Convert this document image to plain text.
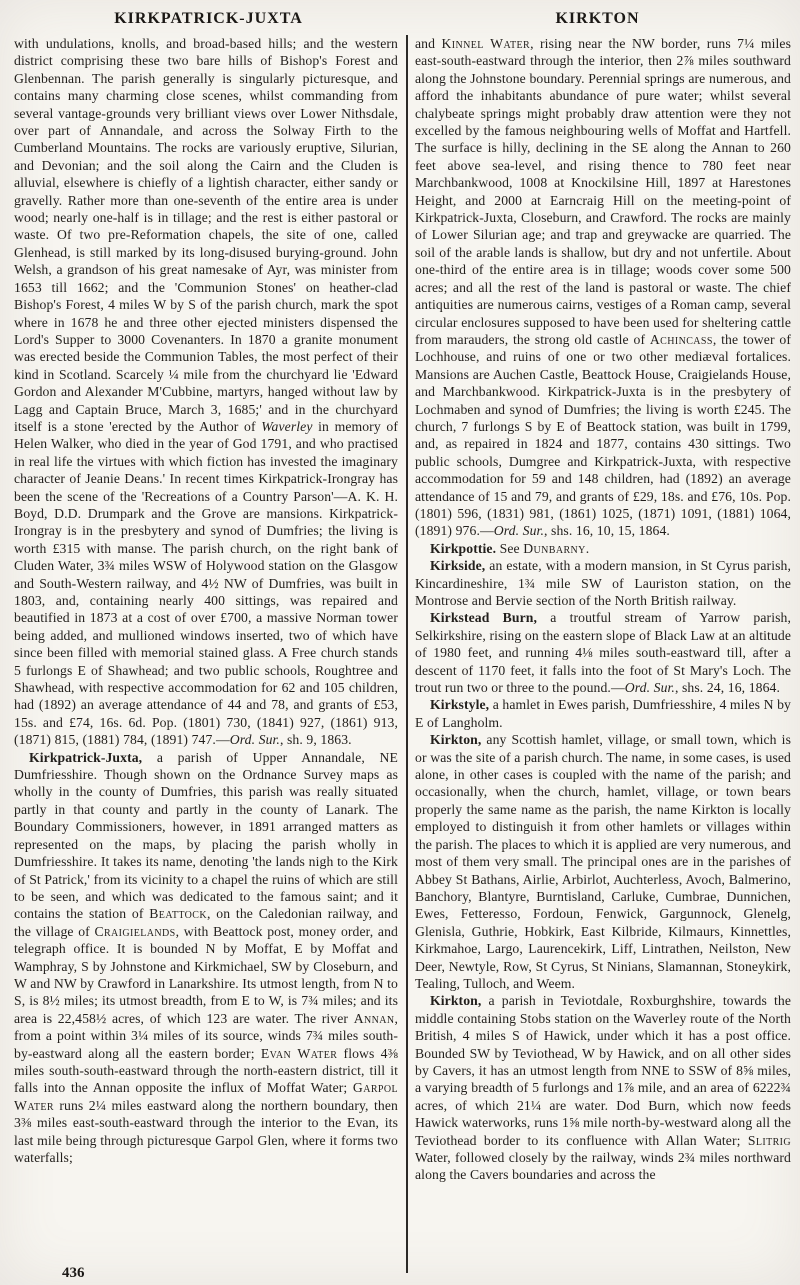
KIRKPATRICK-JUXTA	KIRKTON

with undulations, knolls, and broad-based hills; and the western district comprising these two bare hills of Bishop's Forest and Glenbennan. The parish generally is singularly picturesque, and contains many charming close scenes, whilst commanding from several vantage-grounds very brilliant views over Lower Nithsdale, over part of Annandale, and across the Solway Firth to the Cumberland Mountains. The rocks are variously eruptive, Silurian, and Devonian; and the soil along the Cairn and the Cluden is alluvial, elsewhere is chiefly of a lightish character, either sandy or gravelly. Rather more than one-seventh of the entire area is under wood; nearly one-half is in tillage; and the rest is either pastoral or waste. Of two pre-Reformation chapels, the site of one, called Glenhead, is still marked by its long-disused burying-ground. John Welsh, a grandson of his great namesake of Ayr, was minister from 1653 till 1662; and the 'Communion Stones' on heather-clad Bishop's Forest, 4 miles W by S of the parish church, mark the spot where in 1678 he and three other ejected ministers dispensed the Lord's Supper to 3000 Covenanters. In 1870 a granite monument was erected beside the Communion Tables, the most perfect of their kind in Scotland. Scarcely ¼ mile from the churchyard lie 'Edward Gordon and Alexander M'Cubbine, martyrs, hanged without law by Lagg and Captain Bruce, March 3, 1685;' and in the churchyard itself is a stone 'erected by the Author of Waverley in memory of Helen Walker, who died in the year of God 1791, and who practised in real life the virtues with which fiction has invested the imaginary character of Jeanie Deans.' In recent times Kirkpatrick-Irongray has been the scene of the 'Recreations of a Country Parson'—A. K. H. Boyd, D.D. Drumpark and the Grove are mansions. Kirkpatrick-Irongray is in the presbytery and synod of Dumfries; the living is worth £315 with manse. The parish church, on the right bank of Cluden Water, 3¾ miles WSW of Holywood station on the Glasgow and South-Western railway, and 4½ NW of Dumfries, was built in 1803, and, containing nearly 400 sittings, was repaired and beautified in 1873 at a cost of over £700, a massive Norman tower being added, and mullioned windows inserted, two of which have since been filled with memorial stained glass. A Free church stands 5 furlongs E of Shawhead; and two public schools, Roughtree and Shawhead, with respective accommodation for 62 and 105 children, had (1892) an average attendance of 44 and 78, and grants of £53, 15s. and £74, 16s. 6d. Pop. (1801) 730, (1841) 927, (1861) 913, (1871) 815, (1881) 784, (1891) 747.—Ord. Sur., sh. 9, 1863.

Kirkpatrick-Juxta, a parish of Upper Annandale, NE Dumfriesshire. Though shown on the Ordnance Survey maps as wholly in the county of Dumfries, this parish was really situated partly in that county and partly in the county of Lanark. The Boundary Commissioners, however, in 1891 arranged matters as represented on the maps, by placing the parish wholly in Dumfriesshire. It takes its name, denoting 'the lands nigh to the Kirk of St Patrick,' from its vicinity to a chapel the ruins of which are still to be seen, and which was dedicated to the famous saint; and it contains the station of Beattock, on the Caledonian railway, and the village of Craigielands, with Beattock post, money order, and telegraph office. It is bounded N by Moffat, E by Moffat and Wamphray, S by Johnstone and Kirkmichael, SW by Closeburn, and W and NW by Crawford in Lanarkshire. Its utmost length, from N to S, is 8½ miles; its utmost breadth, from E to W, is 7¾ miles; and its area is 22,458½ acres, of which 123 are water. The river Annan, from a point within 3¼ miles of its source, winds 7¾ miles south-by-eastward along all the eastern border; Evan Water flows 4⅜ miles south-south-eastward through the north-eastern district, till it falls into the Annan opposite the influx of Moffat Water; Garpol Water runs 2¼ miles eastward along the northern boundary, then 3⅜ miles east-south-eastward through the interior to the Evan, its last mile being through picturesque Garpol Glen, where it forms two waterfalls;

and Kinnel Water, rising near the NW border, runs 7¼ miles east-south-eastward through the interior, then 2⅞ miles southward along the Johnstone boundary. Perennial springs are numerous, and afford the inhabitants abundance of pure water; whilst several chalybeate springs might probably draw attention were they not excelled by the famous neighbouring wells of Moffat and Hartfell. The surface is hilly, declining in the SE along the Annan to 260 feet above sea-level, and rising thence to 780 feet near Marchbankwood, 1008 at Knockilsine Hill, 1897 at Harestones Height, and 2000 at Earncraig Hill on the meeting-point of Kirkpatrick-Juxta, Closeburn, and Crawford. The rocks are mainly of Lower Silurian age; and trap and greywacke are quarried. The soil of the arable lands is shallow, but dry and not unfertile. About one-third of the entire area is in tillage; woods cover some 500 acres; and all the rest of the land is pastoral or waste. The chief antiquities are numerous cairns, vestiges of a Roman camp, several circular enclosures supposed to have been used for sheltering cattle from marauders, the strong old castle of Achincass, the tower of Lochhouse, and ruins of one or two other mediæval fortalices. Mansions are Auchen Castle, Beattock House, Craigielands House, and Marchbankwood. Kirkpatrick-Juxta is in the presbytery of Lochmaben and synod of Dumfries; the living is worth £245. The church, 7 furlongs S by E of Beattock station, was built in 1799, and, as repaired in 1824 and 1877, contains 430 sittings. Two public schools, Dumgree and Kirkpatrick-Juxta, with respective accommodation for 59 and 148 children, had (1892) an average attendance of 15 and 79, and grants of £29, 18s. and £76, 10s. Pop. (1801) 596, (1831) 981, (1861) 1025, (1871) 1091, (1881) 1064, (1891) 976.—Ord. Sur., shs. 16, 10, 15, 1864.

Kirkpottie. See Dunbarny.

Kirkside, an estate, with a modern mansion, in St Cyrus parish, Kincardineshire, 1¾ mile SW of Lauriston station, on the Montrose and Bervie section of the North British railway.

Kirkstead Burn, a troutful stream of Yarrow parish, Selkirkshire, rising on the eastern slope of Black Law at an altitude of 1980 feet, and running 4⅛ miles south-eastward till, after a descent of 1170 feet, it falls into the foot of St Mary's Loch. The trout run two or three to the pound.—Ord. Sur., shs. 24, 16, 1864.

Kirkstyle, a hamlet in Ewes parish, Dumfriesshire, 4 miles N by E of Langholm.

Kirkton, any Scottish hamlet, village, or small town, which is or was the site of a parish church. The name, in some cases, is used alone, in other cases is coupled with the name of the parish; and occasionally, when the church, hamlet, village, or town bears properly the same name as the parish, the name Kirkton is locally employed to distinguish it from other hamlets or villages within the parish. The places to which it is applied are very numerous, and most of them very small. The principal ones are in the parishes of Abbey St Bathans, Airlie, Arbirlot, Auchterless, Avoch, Balmerino, Banchory, Blantyre, Burntisland, Carluke, Cumbrae, Dunnichen, Ewes, Fetteresso, Fordoun, Fenwick, Gargunnock, Glenelg, Glenisla, Guthrie, Hobkirk, East Kilbride, Kilmaurs, Kinnettles, Kirkmahoe, Largo, Laurencekirk, Liff, Lintrathen, Neilston, New Deer, Newtyle, Row, St Cyrus, St Ninians, Slamannan, Stoneykirk, Tealing, Tulloch, and Weem.

Kirkton, a parish in Teviotdale, Roxburghshire, towards the middle containing Stobs station on the Waverley route of the North British, 4 miles S of Hawick, under which it has a post office. Bounded SW by Teviothead, W by Hawick, and on all other sides by Cavers, it has an utmost length from NNE to SSW of 8⅝ miles, a varying breadth of 5 furlongs and 1⅞ mile, and an area of 6222¾ acres, of which 21¼ are water. Dod Burn, which now feeds Hawick waterworks, runs 1⅝ mile north-by-westward along all the Teviothead border to its confluence with Allan Water; Slitrig Water, followed closely by the railway, winds 2¾ miles northward along the Cavers boundaries and across the

436
